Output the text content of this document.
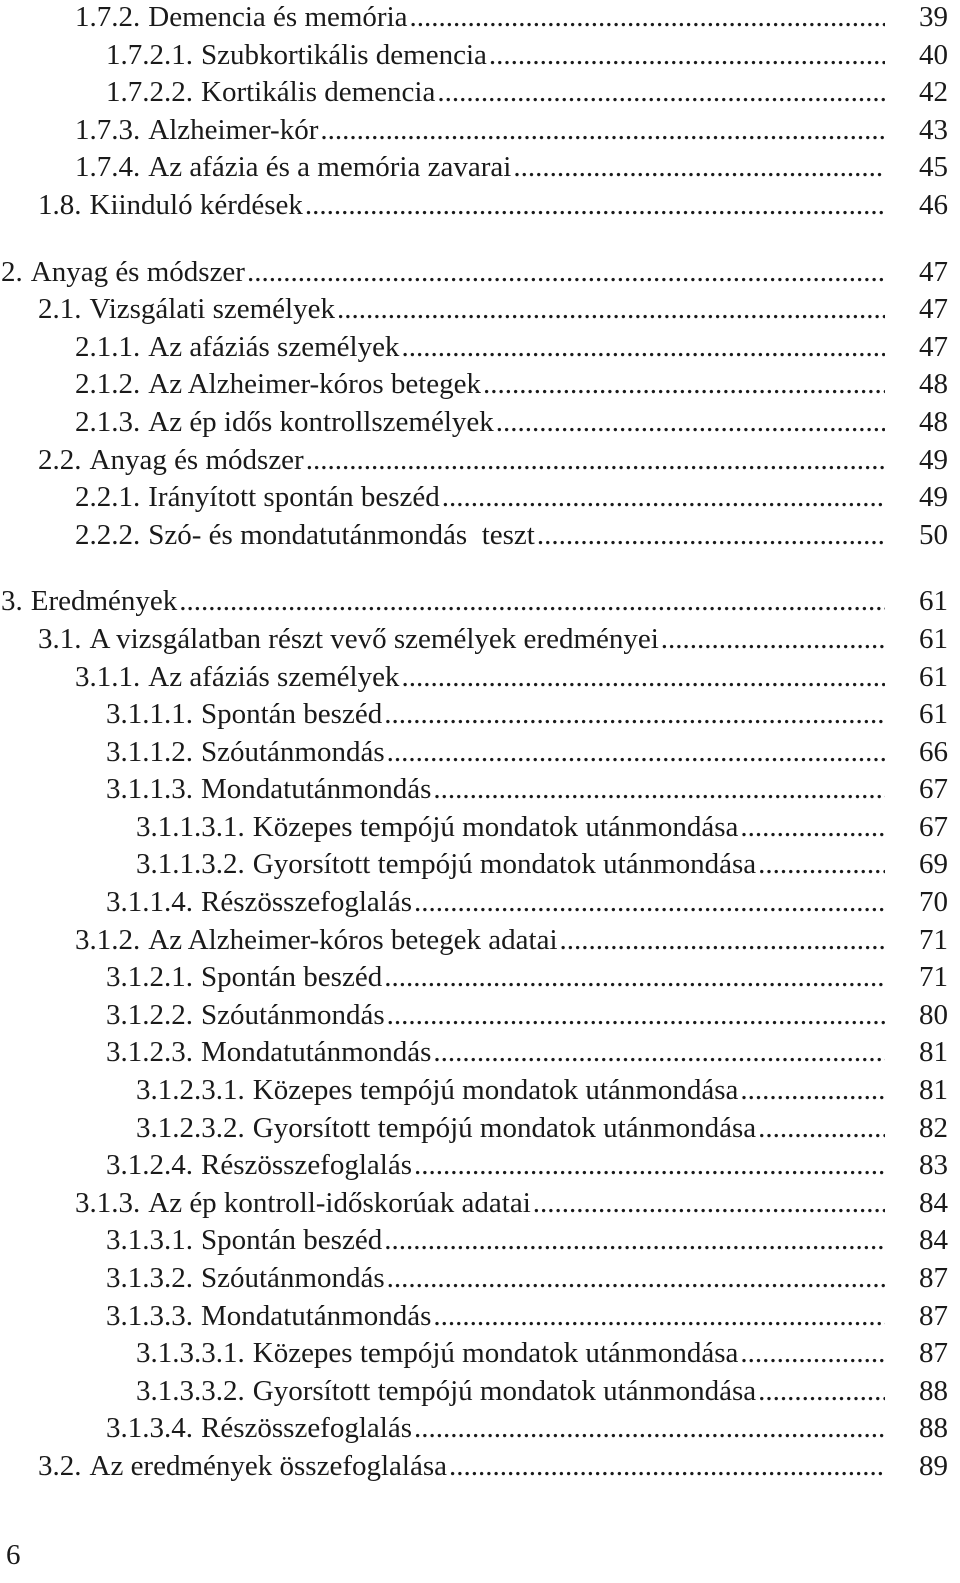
1.7.2. Demencia és memória .....	39
1.7.2.1. Szubkortikális demencia .....	40
1.7.2.2. Kortikális demencia .....	42
1.7.3. Alzheimer-kór .....	43
1.7.4. Az afázia és a memória zavarai .....	45
1.8. Kiinduló kérdések .....	46
2. Anyag és módszer .....	47
2.1. Vizsgálati személyek .....	47
2.1.1. Az afáziás személyek .....	47
2.1.2. Az Alzheimer-kóros betegek .....	48
2.1.3. Az ép idős kontrollszemélyek .....	48
2.2. Anyag és módszer .....	49
2.2.1. Irányított spontán beszéd .....	49
2.2.2. Szó- és mondatutánmondás  teszt .....	50
3. Eredmények .....	61
3.1. A vizsgálatban részt vevő személyek eredményei .....	61
3.1.1. Az afáziás személyek .....	61
3.1.1.1. Spontán beszéd .....	61
3.1.1.2. Szóutánmondás .....	66
3.1.1.3. Mondatutánmondás .....	67
3.1.1.3.1. Közepes tempójú mondatok utánmondása .....	67
3.1.1.3.2. Gyorsított tempójú mondatok utánmondása .....	69
3.1.1.4. Részösszefoglalás .....	70
3.1.2. Az Alzheimer-kóros betegek adatai .....	71
3.1.2.1. Spontán beszéd .....	71
3.1.2.2. Szóutánmondás .....	80
3.1.2.3. Mondatutánmondás .....	81
3.1.2.3.1. Közepes tempójú mondatok utánmondása .....	81
3.1.2.3.2. Gyorsított tempójú mondatok utánmondása .....	82
3.1.2.4. Részösszefoglalás .....	83
3.1.3. Az ép kontroll-időskorúak adatai .....	84
3.1.3.1. Spontán beszéd .....	84
3.1.3.2. Szóutánmondás .....	87
3.1.3.3. Mondatutánmondás .....	87
3.1.3.3.1. Közepes tempójú mondatok utánmondása .....	87
3.1.3.3.2. Gyorsított tempójú mondatok utánmondása .....	88
3.1.3.4. Részösszefoglalás .....	88
3.2. Az eredmények összefoglalása .....	89
6
